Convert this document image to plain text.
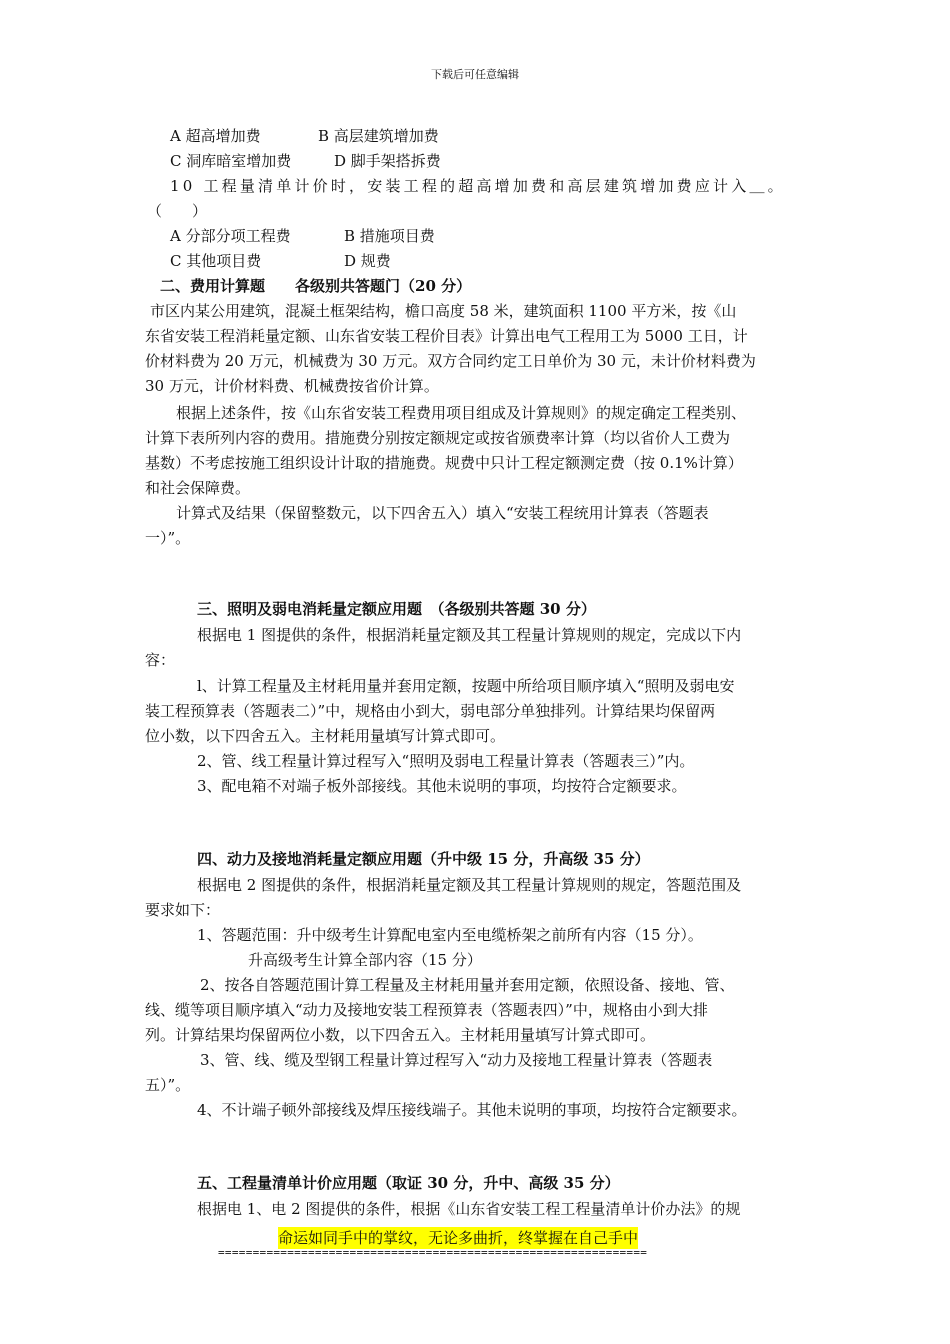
下载后可任意编辑
A 超高增加费	B 高层建筑增加费
C 洞库暗室增加费	D 脚手架搭拆费
10 工程量清单计价时，安装工程的超高增加费和高层建筑增加费应计入＿。
（　　）
A 分部分项工程费	B 措施项目费
C 其他项目费	D 规费
二、费用计算题　　各级别共答题门（20 分）
市区内某公用建筑，混凝土框架结构，檐口高度 58 米，建筑面积 1100 平方米，按《山
东省安装工程消耗量定额、山东省安装工程价目表》计算出电气工程用工为 5000 工日，计
价材料费为 20 万元，机械费为 30 万元。双方合同约定工日单价为 30 元，未计价材料费为
30 万元，计价材料费、机械费按省价计算。
根据上述条件，按《山东省安装工程费用项目组成及计算规则》的规定确定工程类别、
计算下表所列内容的费用。措施费分别按定额规定或按省颁费率计算（均以省价人工费为
基数）不考虑按施工组织设计计取的措施费。规费中只计工程定额测定费（按 0.1%计算）
和社会保障费。
计算式及结果（保留整数元，以下四舍五入）填入“安装工程统用计算表（答题表
一）”。
三、照明及弱电消耗量定额应用题　（各级别共答题 30 分）
根据电 1 图提供的条件，根据消耗量定额及其工程量计算规则的规定，完成以下内
容：
l、计算工程量及主材耗用量并套用定额，按题中所给项目顺序填入“照明及弱电安
装工程预算表（答题表二）”中，规格由小到大，弱电部分单独排列。计算结果均保留两
位小数，以下四舍五入。主材耗用量填写计算式即可。
2、管、线工程量计算过程写入“照明及弱电工程量计算表（答题表三）”内。
3、配电箱不对端子板外部接线。其他未说明的事项，均按符合定额要求。
四、动力及接地消耗量定额应用题（升中级 15 分，升高级 35 分）
根据电 2 图提供的条件，根据消耗量定额及其工程量计算规则的规定，答题范围及
要求如下：
1、答题范围：升中级考生计算配电室内至电缆桥架之前所有内容（15 分）。
升高级考生计算全部内容（15 分）
2、按各自答题范围计算工程量及主材耗用量并套用定额，依照设备、接地、管、
线、缆等项目顺序填入“动力及接地安装工程预算表（答题表四）”中，规格由小到大排
列。计算结果均保留两位小数，以下四舍五入。主材耗用量填写计算式即可。
3、管、线、缆及型钢工程量计算过程写入“动力及接地工程量计算表（答题表
五）”。
4、不计端子顿外部接线及焊压接线端子。其他未说明的事项，均按符合定额要求。
五、工程量清单计价应用题（取证 30 分，升中、高级 35 分）
根据电 1、电 2 图提供的条件，根据《山东省安装工程工程量清单计价办法》的规
命运如同手中的掌纹，无论多曲折，终掌握在自己手中
==============================================================
